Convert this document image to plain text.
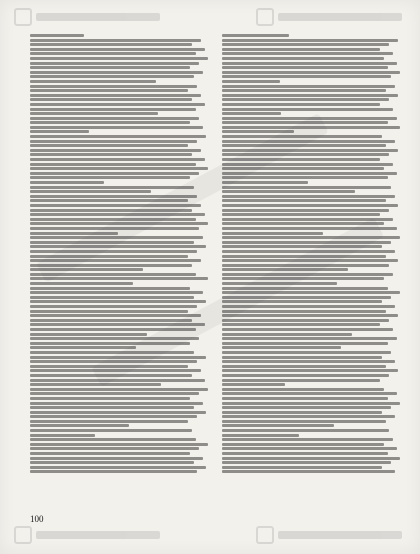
100
